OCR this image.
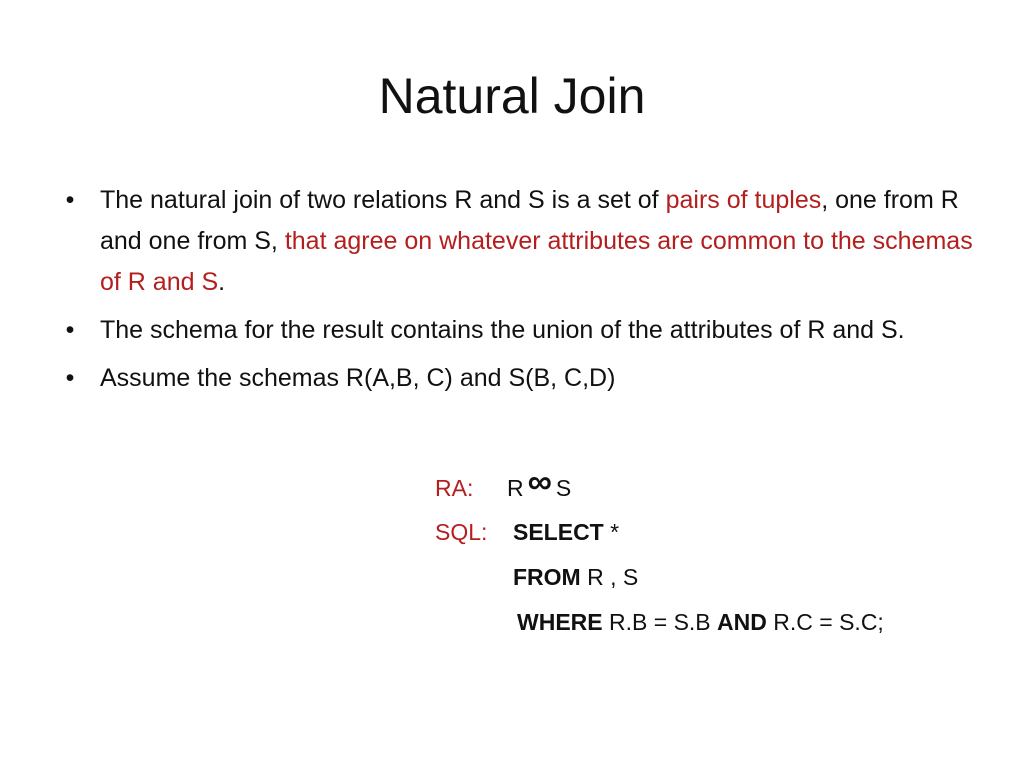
Natural Join
• The natural join of two relations R and S is a set of pairs of tuples, one from R and one from S, that agree on whatever attributes are common to the schemas of R and S.
• The schema for the result contains the union of the attributes of R and S.
• Assume the schemas R(A,B, C) and S(B, C,D)
RA: R ∞ S
SQL: SELECT *
FROM R , S
WHERE R.B = S.B AND R.C = S.C;
